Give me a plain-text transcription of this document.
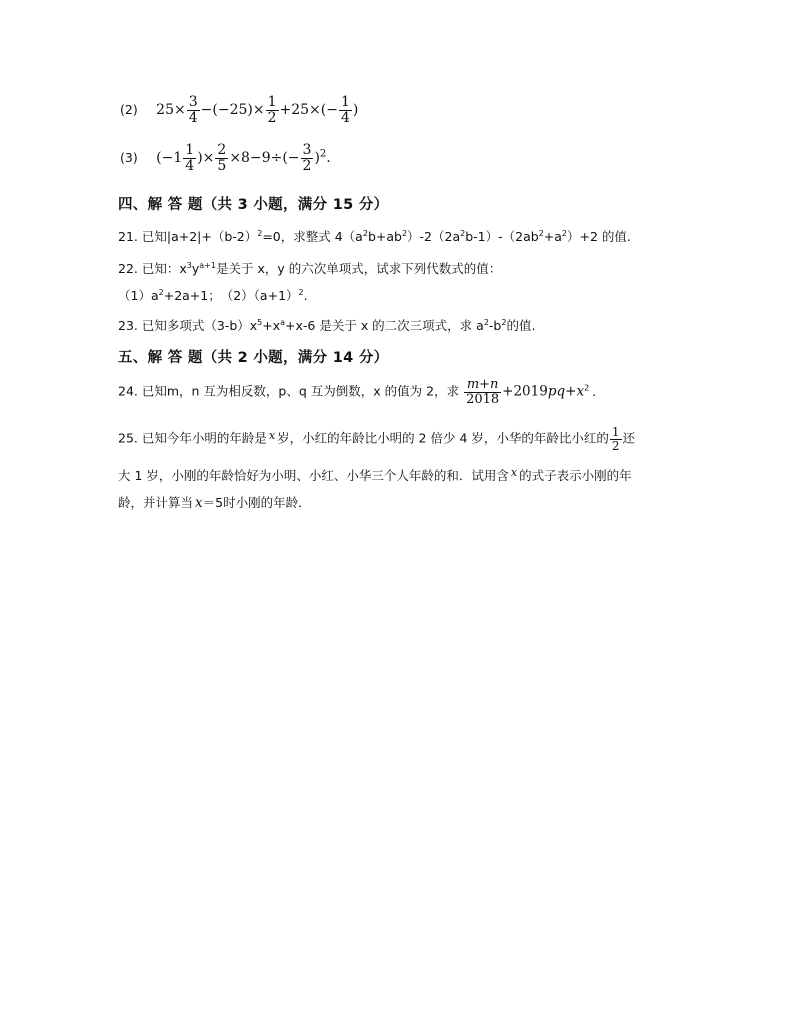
(2) $25\times \frac{3}{4} -(-25)\times \frac{1}{2} +25\times(- \frac{1}{4}$ )
(3) ($-1 \frac{1}{4}$ )× $\frac{2}{5} \times 8-9\div(- \frac{3}{2} )^2$.
四、解 答 题（共 3 小题，满分 15 分）
21. 已知$|a+2|+(b-2)^2=0$，求整式 $4(a^2b+ab^2)-2(2a^2b-1)-(2ab^2+a^2)+2$ 的值.
22. 已知：$x^3y^{a+1}$是关于 x，y 的六次单项式，试求下列代数式的值：
$(1)a^2+2a+1$；　$(2)(a+1)^2$.
23. 已知多项式$(3-b)x^5+x^a+x-6$ 是关于 x 的二次三项式，求 $a^2-b^2$的值.
五、解 答 题（共 2 小题，满分 14 分）
24. 已知m，n 互为相反数，p、q 互为倒数，x 的值为 2，求 $\frac{m+n}{2018} +2019pq+x^2$ .
25. 已知今年小明的年龄是 x 岁，小红的年龄比小明的 2 倍少 4 岁，小华的年龄比小红的 $\frac{1}{2}$ 还
大 1 岁，小刚的年龄恰好为小明、小红、小华三个人年龄的和．试用含 x 的式子表示小刚的年
龄，并计算当 x＝5时小刚的年龄．
